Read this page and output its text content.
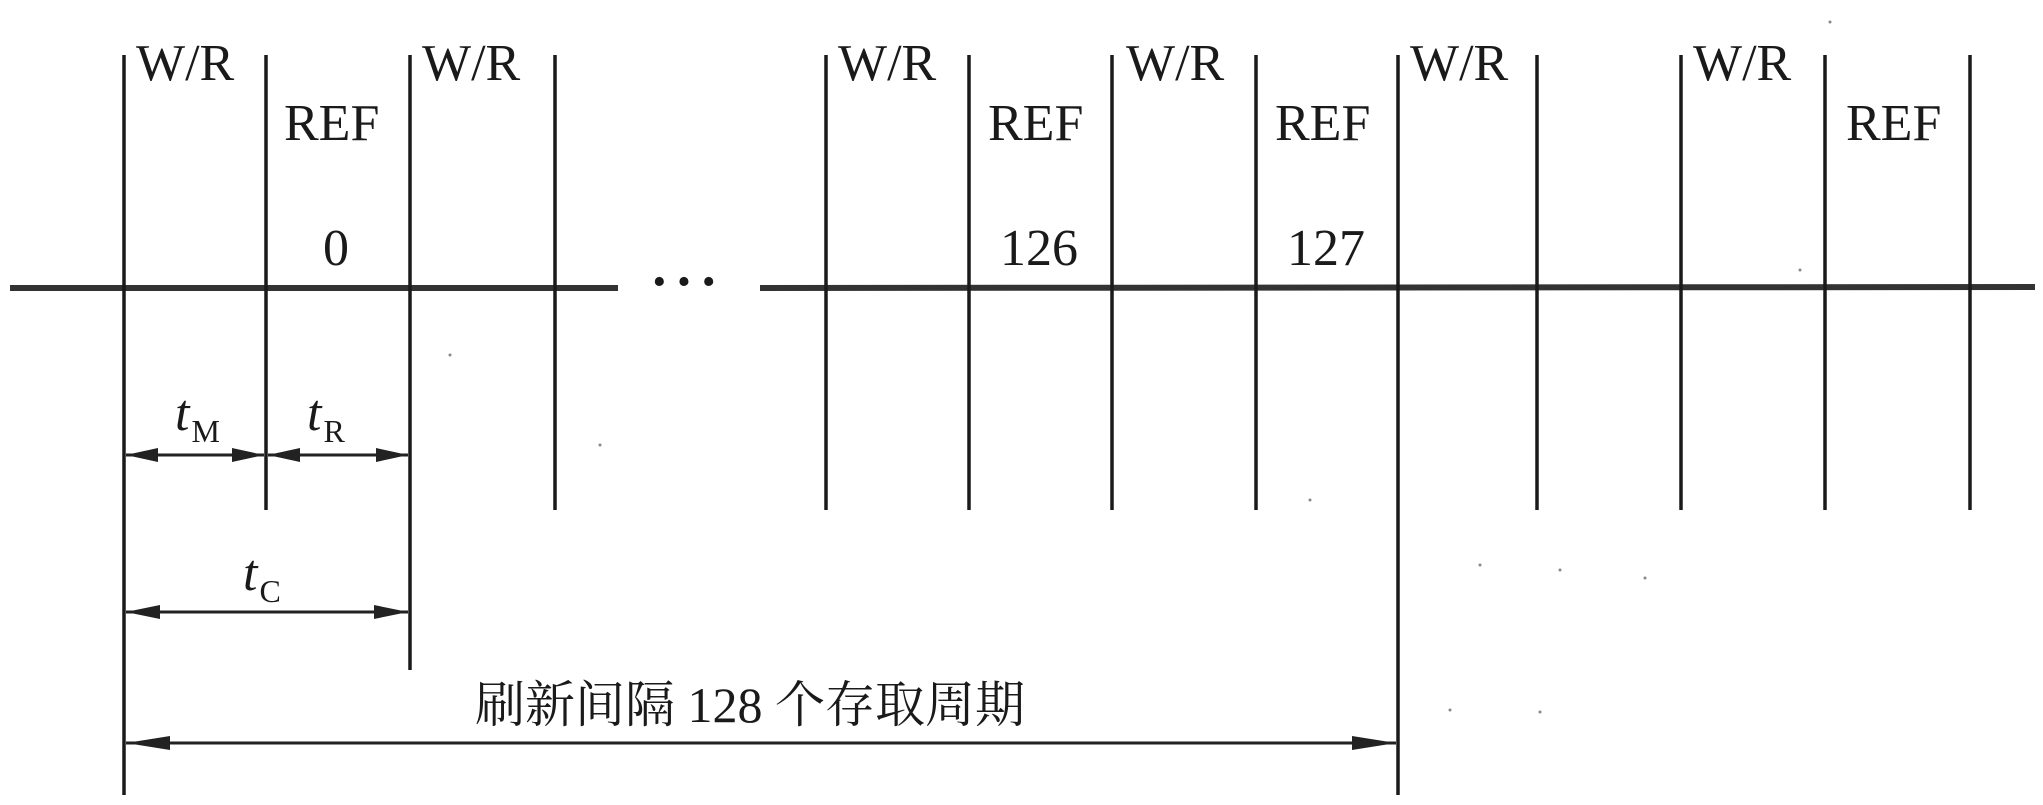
···
W/R	W/R	W/R	W/R	W/R	W/R
REF	REF	REF	REF
0	126	127
$t_M$ $t_R$
$t_C$
刷新间隔 128 个存取周期
